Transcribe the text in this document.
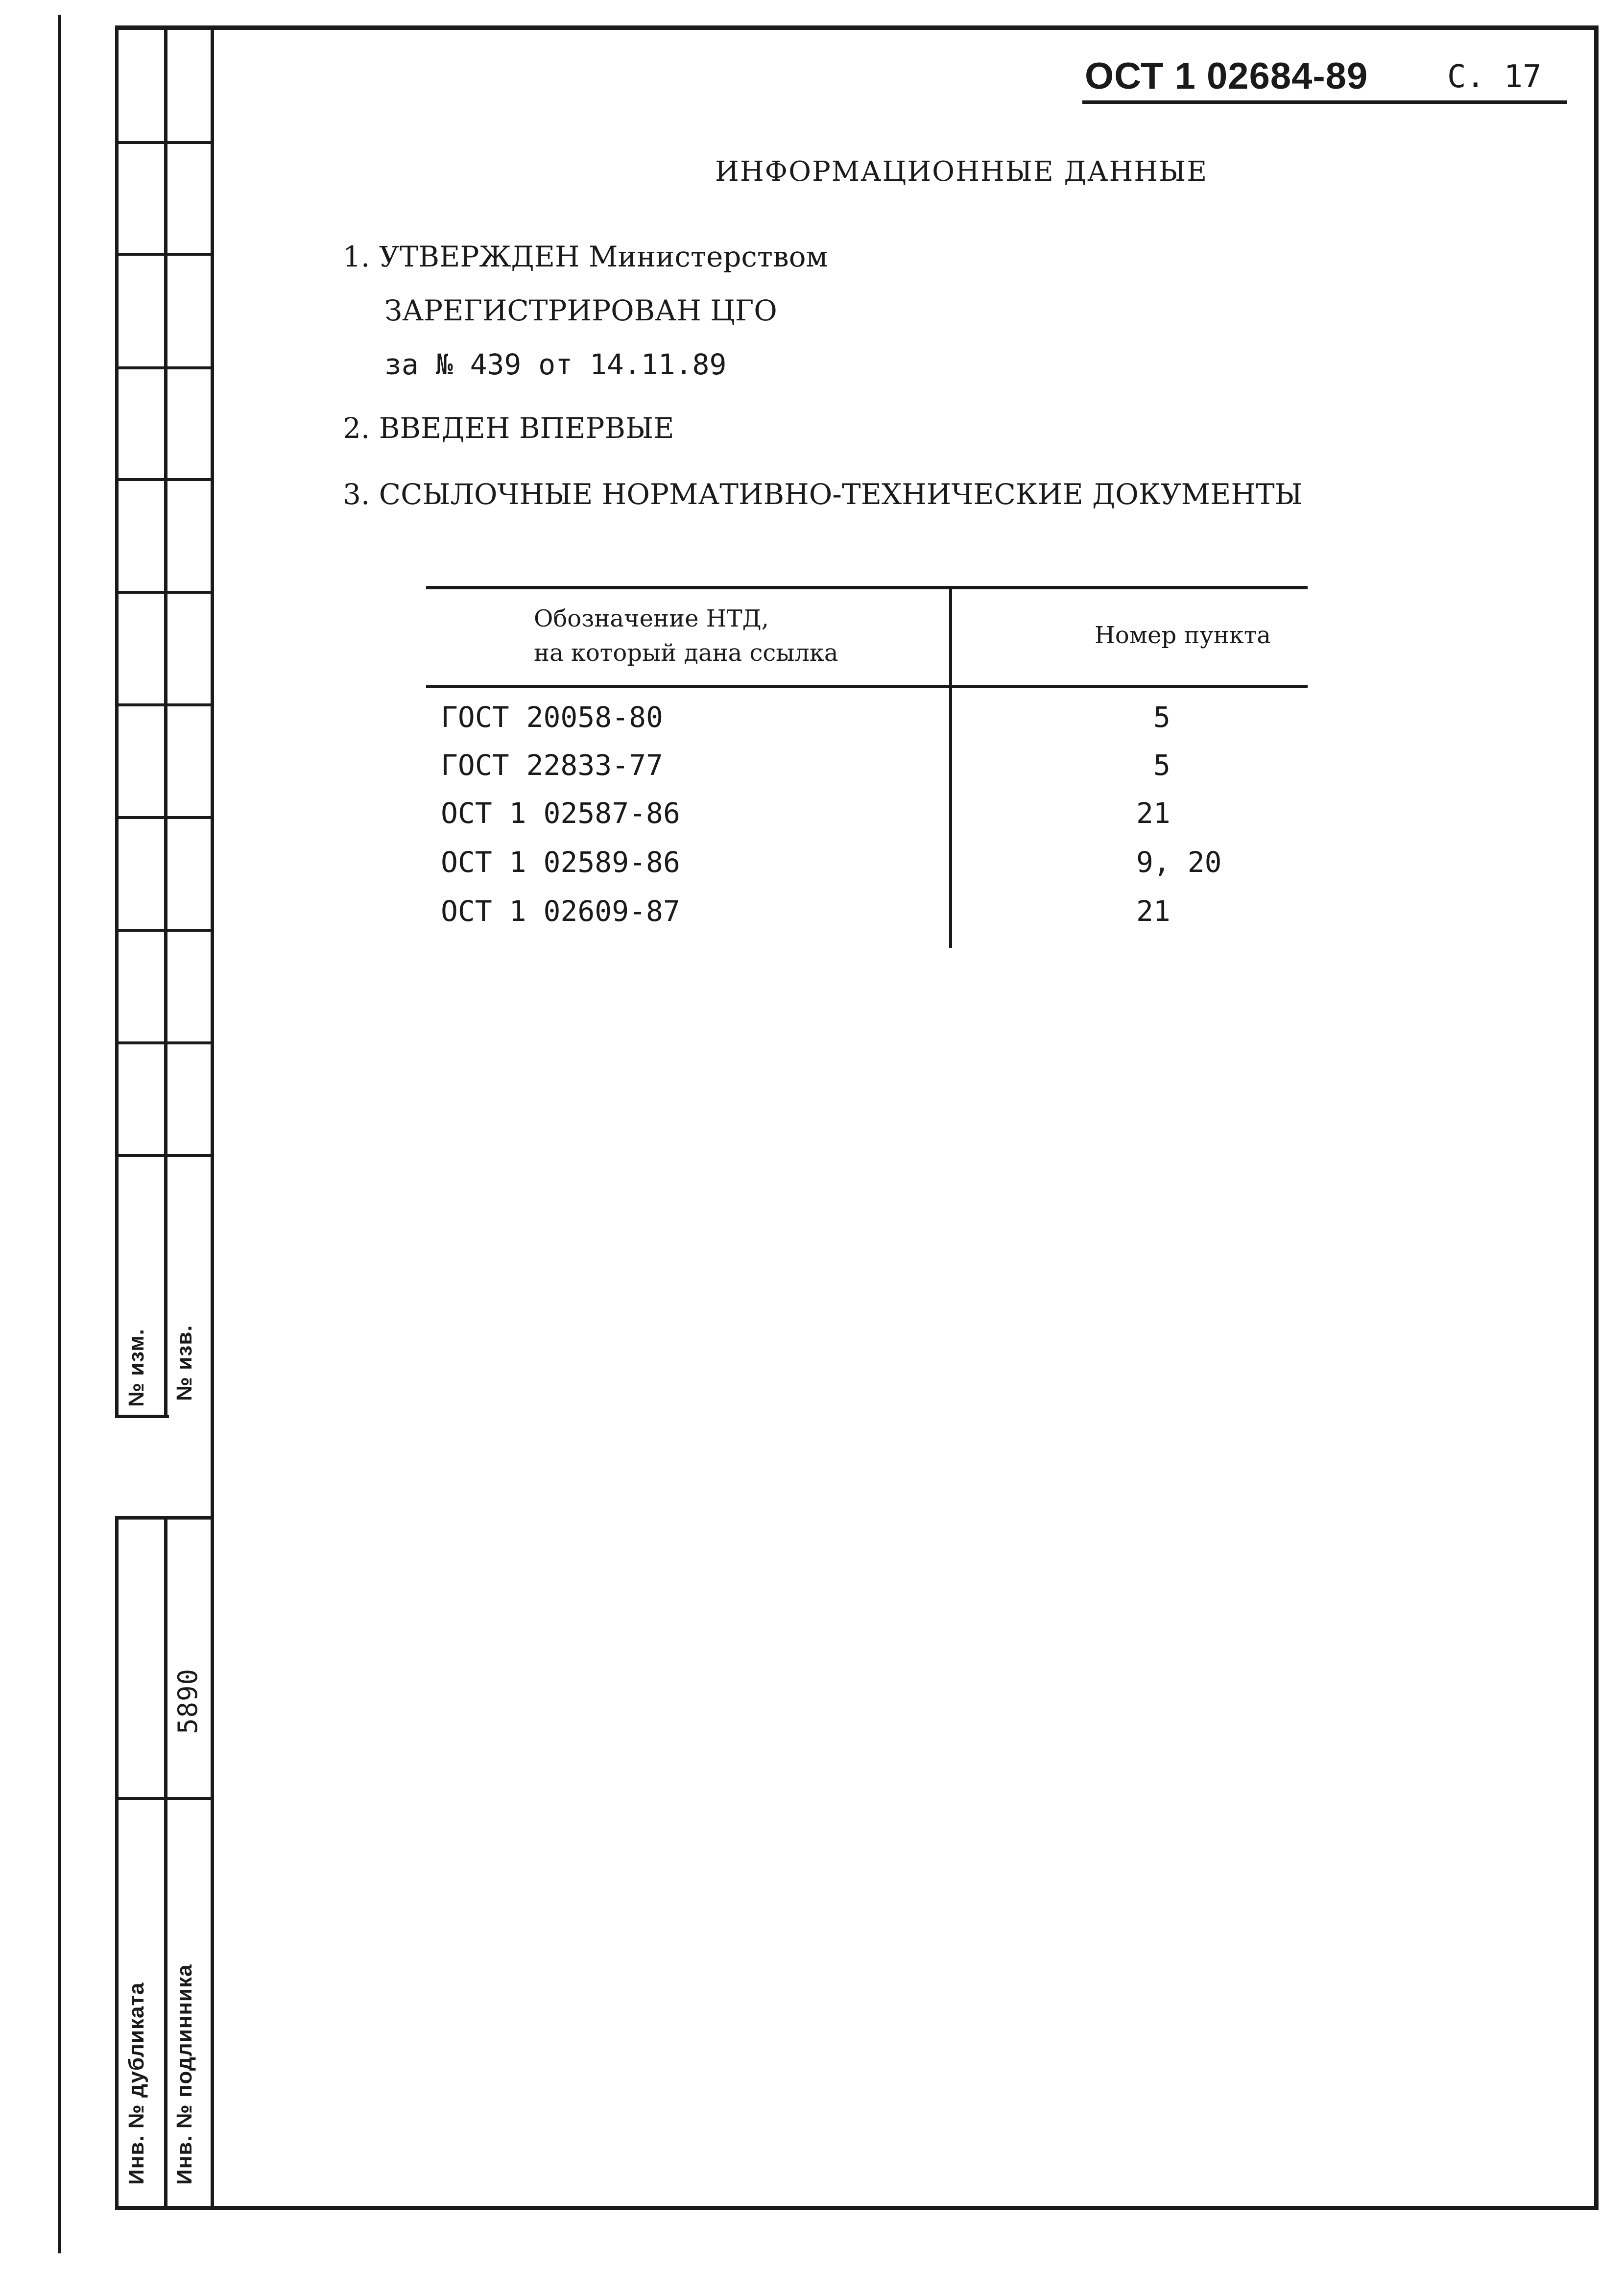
№ изм. № изв.
Инв. № дубликата Инв. № подлинника
5890
ОСТ 1 02684-89	С. 17
ИНФОРМАЦИОННЫЕ ДАННЫЕ
1. УТВЕРЖДЕН Министерством
ЗАРЕГИСТРИРОВАН ЦГО
за № 439 от 14.11.89
2. ВВЕДЕН ВПЕРВЫЕ
3. ССЫЛОЧНЫЕ НОРМАТИВНО-ТЕХНИЧЕСКИЕ ДОКУМЕНТЫ
Обозначение НТД,
на который дана ссылка
Номер пункта
ГОСТ 20058-80	5
ГОСТ 22833-77	5
ОСТ 1 02587-86	21
ОСТ 1 02589-86	9, 20
ОСТ 1 02609-87	21
